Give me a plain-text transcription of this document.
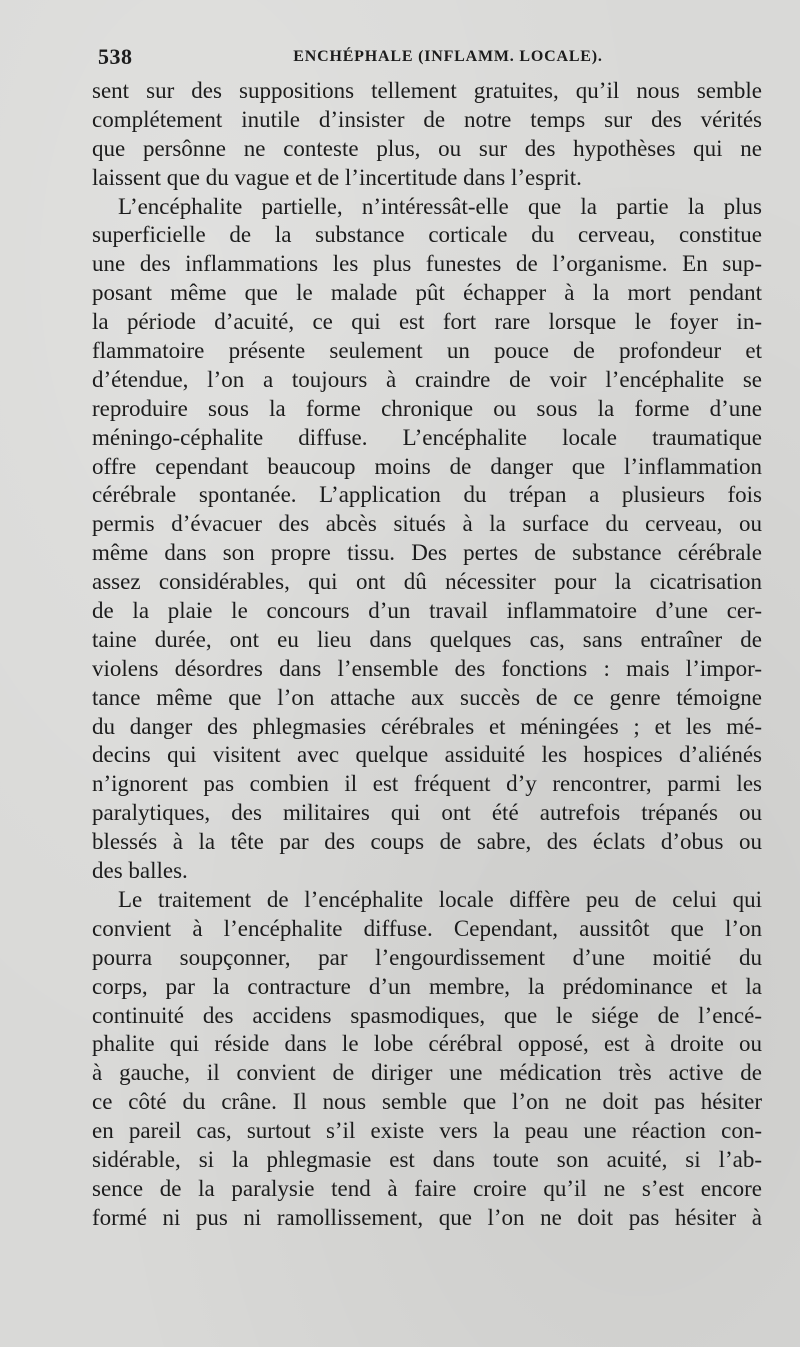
538	ENCHÉPHALE (INFLAMM. LOCALE).
sent sur des suppositions tellement gratuites, qu’il nous semble
complétement inutile d’insister de notre temps sur des vérités
que persônne ne conteste plus, ou sur des hypothèses qui ne
laissent que du vague et de l’incertitude dans l’esprit.
L’encéphalite partielle, n’intéressât-elle que la partie la plus
superficielle de la substance corticale du cerveau, constitue
une des inflammations les plus funestes de l’organisme. En sup-
posant même que le malade pût échapper à la mort pendant
la période d’acuité, ce qui est fort rare lorsque le foyer in-
flammatoire présente seulement un pouce de profondeur et
d’étendue, l’on a toujours à craindre de voir l’encéphalite se
reproduire sous la forme chronique ou sous la forme d’une
méningo-céphalite diffuse. L’encéphalite locale traumatique
offre cependant beaucoup moins de danger que l’inflammation
cérébrale spontanée. L’application du trépan a plusieurs fois
permis d’évacuer des abcès situés à la surface du cerveau, ou
même dans son propre tissu. Des pertes de substance cérébrale
assez considérables, qui ont dû nécessiter pour la cicatrisation
de la plaie le concours d’un travail inflammatoire d’une cer-
taine durée, ont eu lieu dans quelques cas, sans entraîner de
violens désordres dans l’ensemble des fonctions : mais l’impor-
tance même que l’on attache aux succès de ce genre témoigne
du danger des phlegmasies cérébrales et méningées ; et les mé-
decins qui visitent avec quelque assiduité les hospices d’aliénés
n’ignorent pas combien il est fréquent d’y rencontrer, parmi les
paralytiques, des militaires qui ont été autrefois trépanés ou
blessés à la tête par des coups de sabre, des éclats d’obus ou
des balles.
Le traitement de l’encéphalite locale diffère peu de celui qui
convient à l’encéphalite diffuse. Cependant, aussitôt que l’on
pourra soupçonner, par l’engourdissement d’une moitié du
corps, par la contracture d’un membre, la prédominance et la
continuité des accidens spasmodiques, que le siége de l’encé-
phalite qui réside dans le lobe cérébral opposé, est à droite ou
à gauche, il convient de diriger une médication très active de
ce côté du crâne. Il nous semble que l’on ne doit pas hésiter
en pareil cas, surtout s’il existe vers la peau une réaction con-
sidérable, si la phlegmasie est dans toute son acuité, si l’ab-
sence de la paralysie tend à faire croire qu’il ne s’est encore
formé ni pus ni ramollissement, que l’on ne doit pas hésiter à
